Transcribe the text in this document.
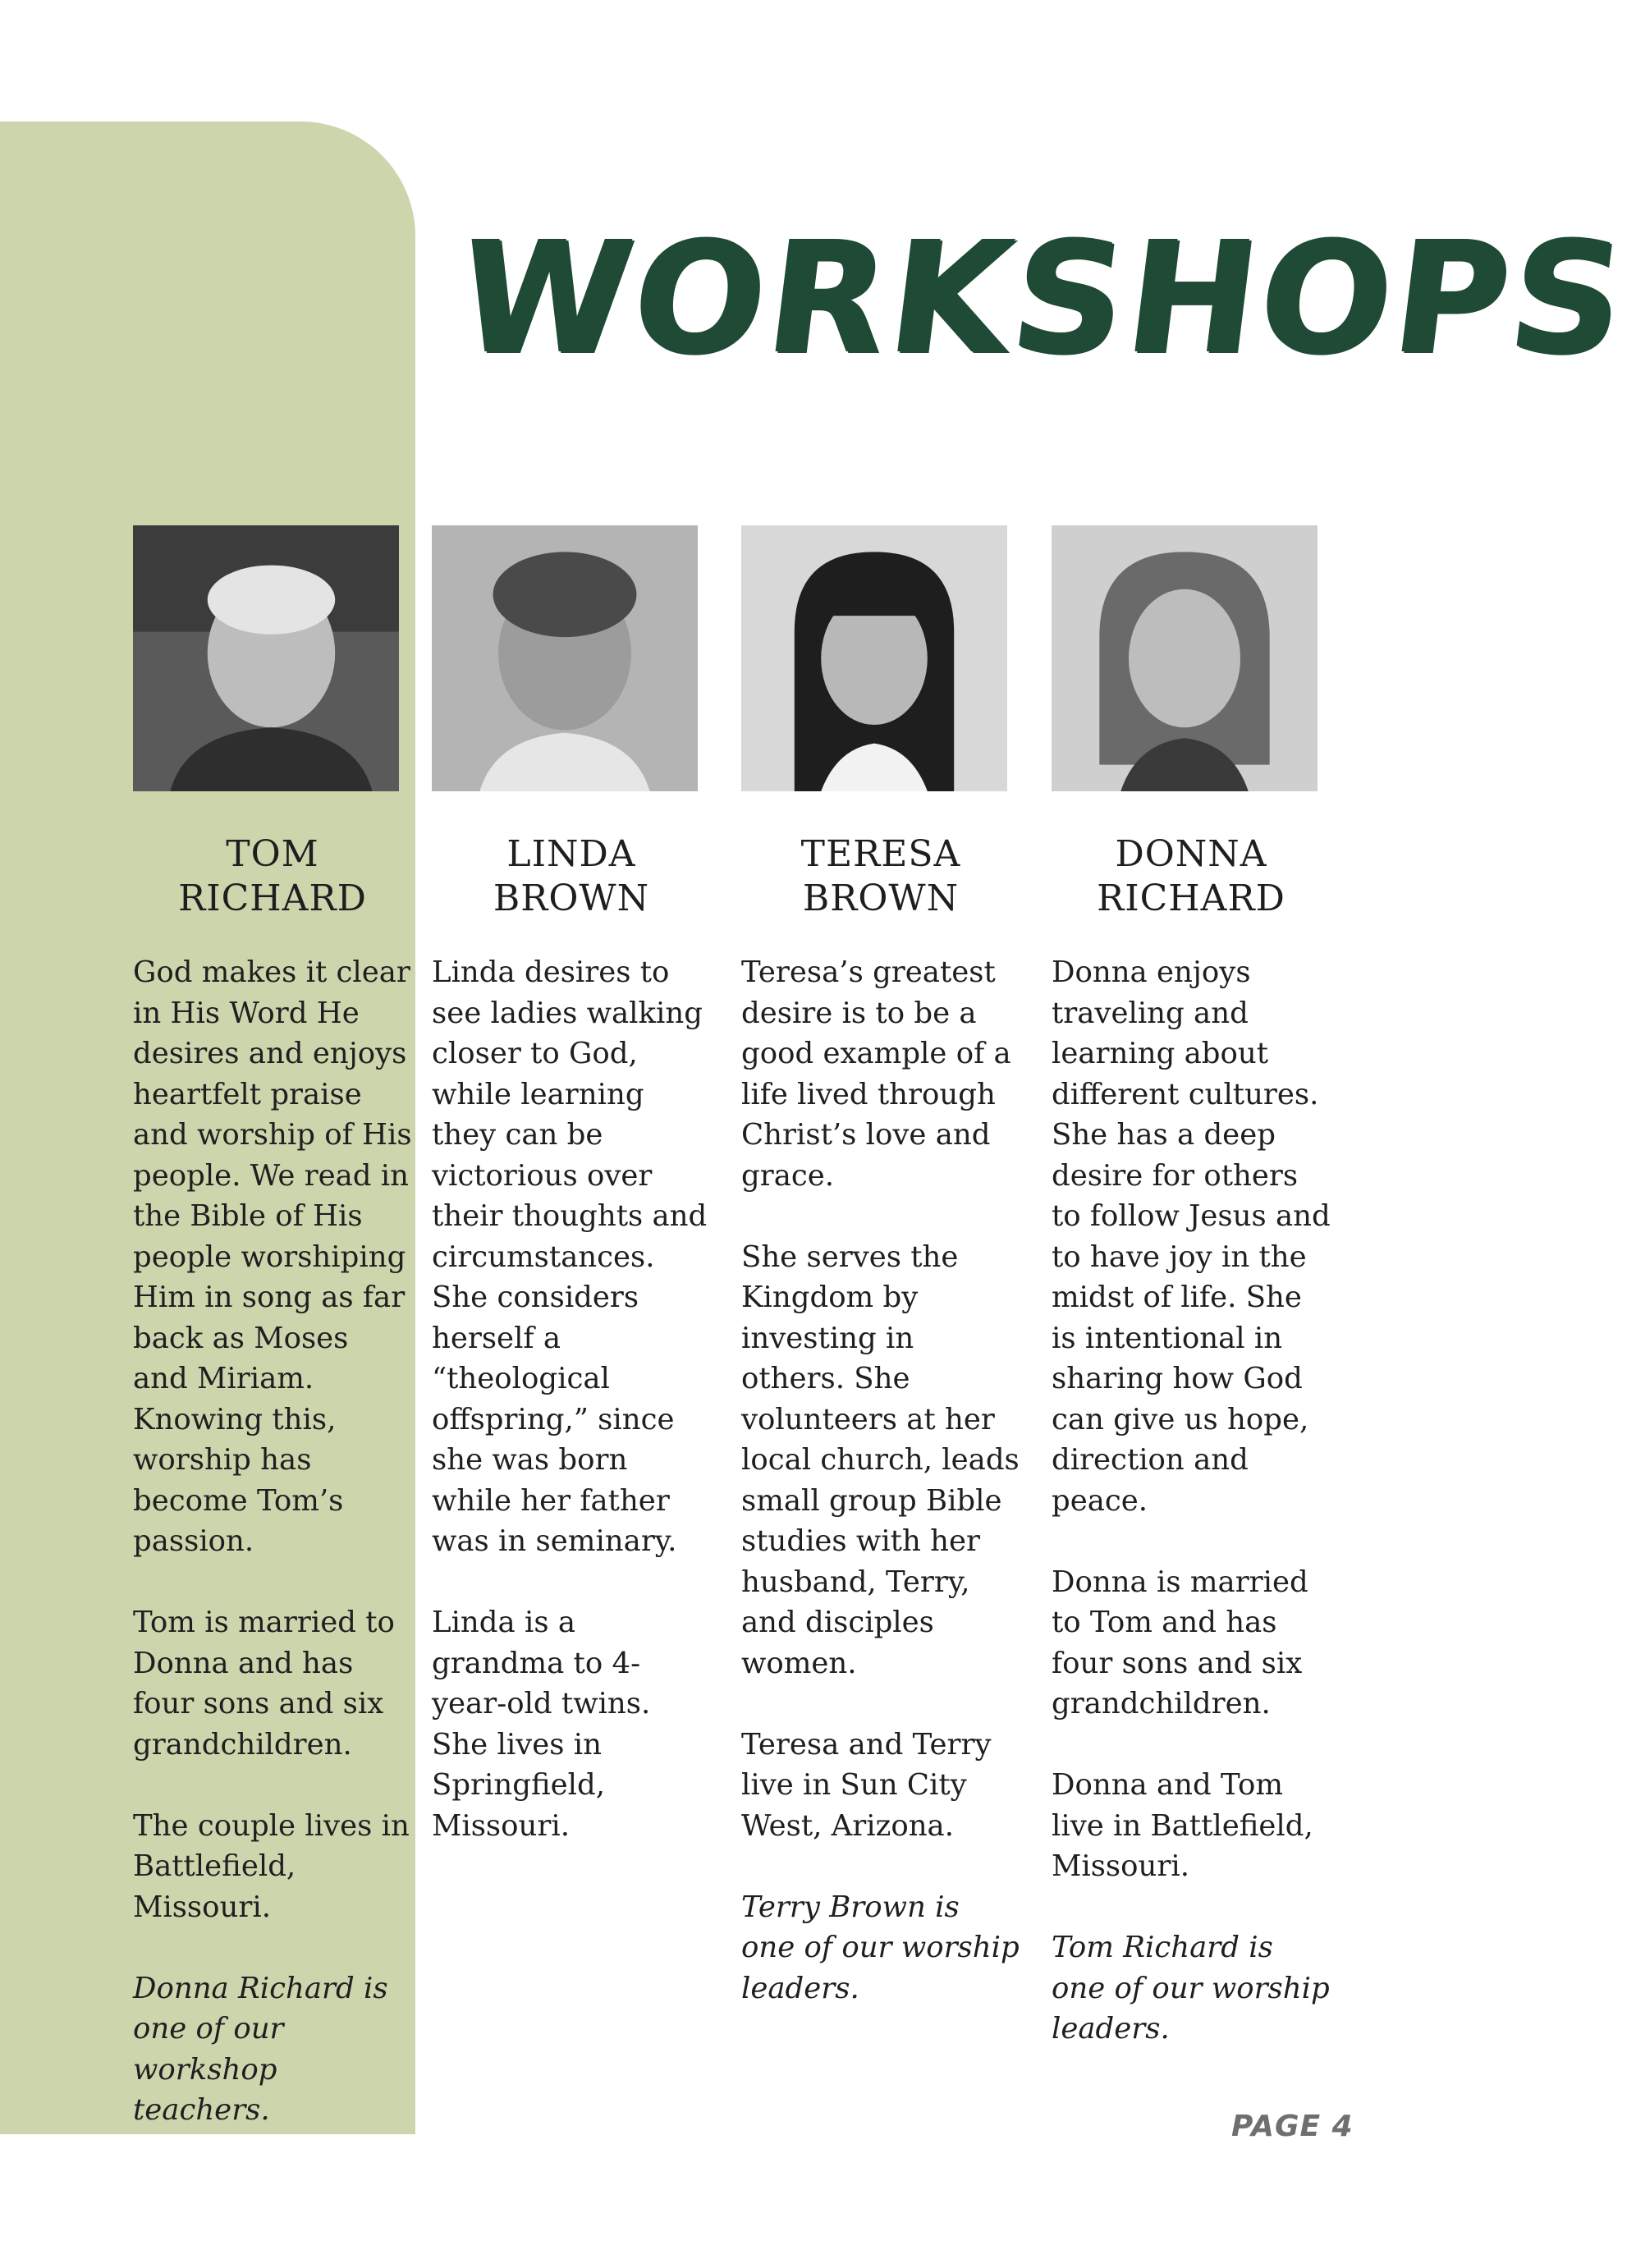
WORKSHOPS
TOM
RICHARD

God makes it clear in His Word He desires and enjoys heartfelt praise and worship of His people. We read in the Bible of His people worshiping Him in song as far back as Moses and Miriam. Knowing this, worship has become Tom’s passion.

Tom is married to Donna and has four sons and six grandchildren.

The couple lives in Battlefield, Missouri.

Donna Richard is one of our workshop teachers.

LINDA
BROWN

Linda desires to see ladies walking closer to God, while learning they can be victorious over their thoughts and circumstances. She considers herself a “theological offspring,” since she was born while her father was in seminary.

Linda is a grandma to 4-year-old twins. She lives in Springfield, Missouri.

TERESA
BROWN

Teresa’s greatest desire is to be a good example of a life lived through Christ’s love and grace.

She serves the Kingdom by investing in others. She volunteers at her local church, leads small group Bible studies with her husband, Terry, and disciples women.

Teresa and Terry live in Sun City West, Arizona.

Terry Brown is one of our worship leaders.

DONNA
RICHARD

Donna enjoys traveling and learning about different cultures. She has a deep desire for others to follow Jesus and to have joy in the midst of life. She is intentional in sharing how God can give us hope, direction and peace.

Donna is married to Tom and has four sons and six grandchildren.

Donna and Tom live in Battlefield, Missouri.

Tom Richard is one of our worship leaders.

PAGE 4
